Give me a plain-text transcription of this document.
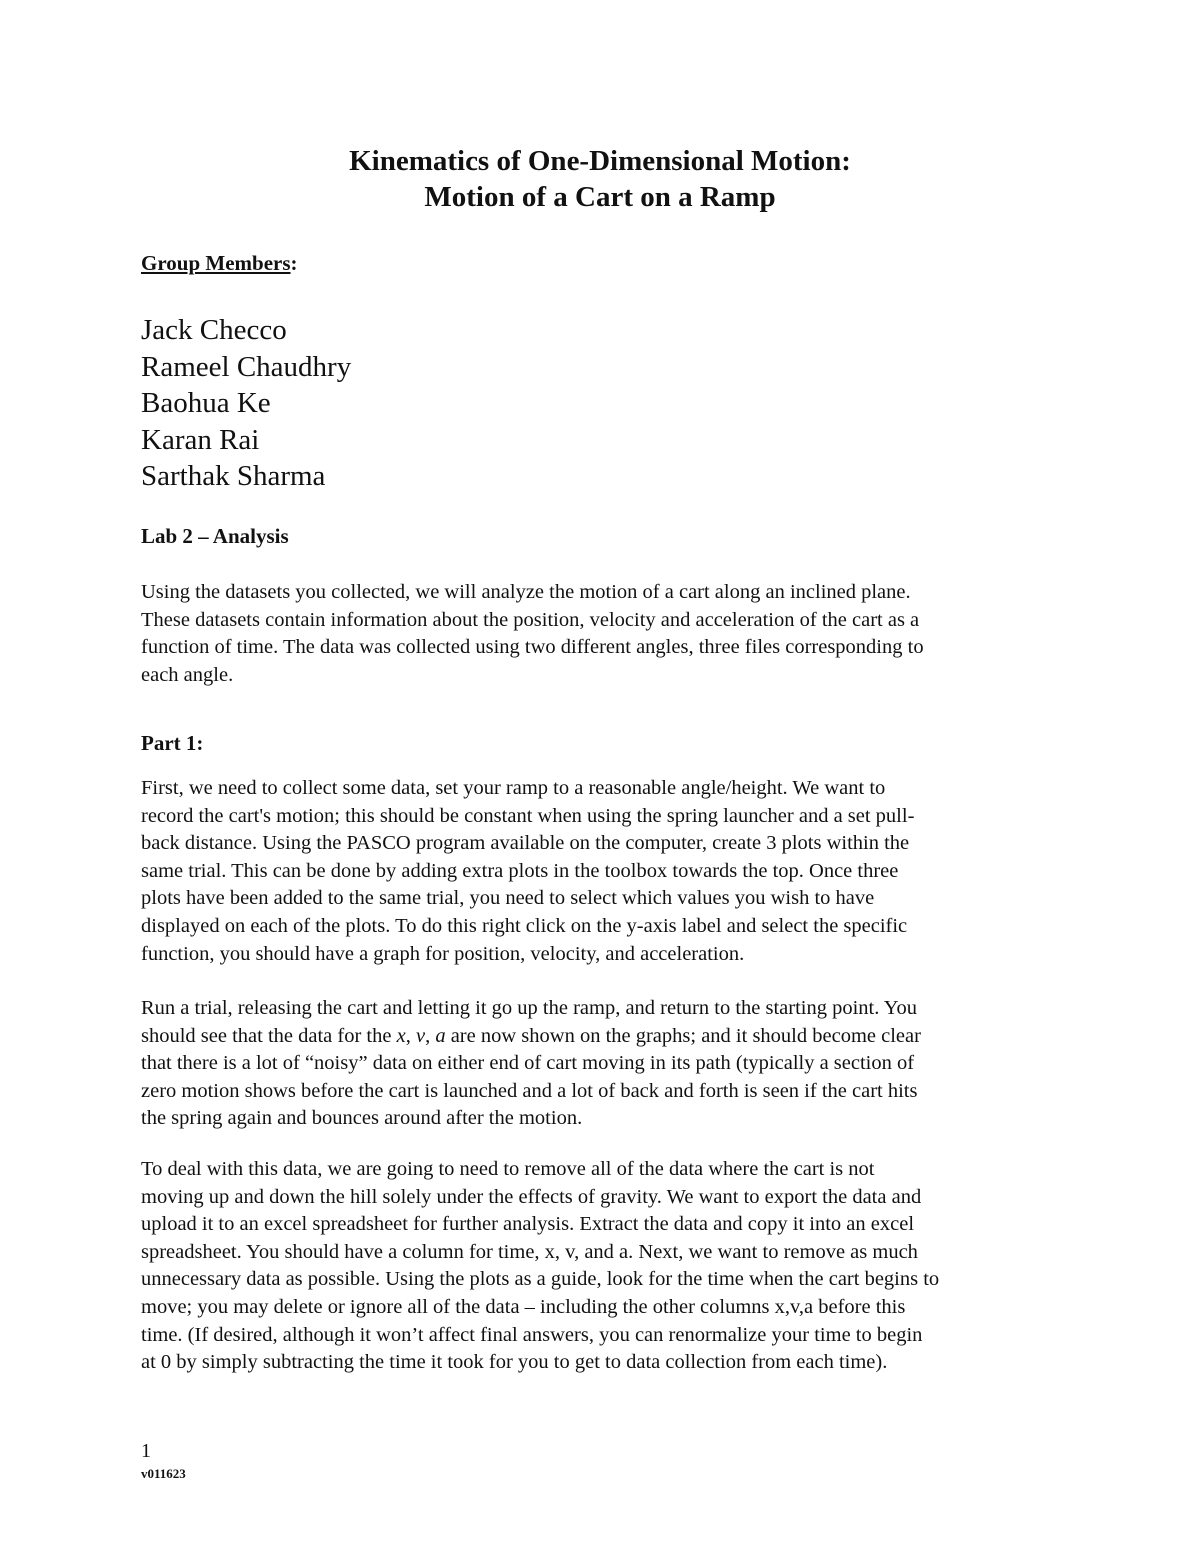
Kinematics of One-Dimensional Motion:
Motion of a Cart on a Ramp
Group Members:
Jack Checco
Rameel Chaudhry
Baohua Ke
Karan Rai
Sarthak Sharma
Lab 2 – Analysis

Using the datasets you collected, we will analyze the motion of a cart along an inclined plane.
These datasets contain information about the position, velocity and acceleration of the cart as a
function of time. The data was collected using two different angles, three files corresponding to
each angle.

Part 1:

First, we need to collect some data, set your ramp to a reasonable angle/height. We want to
record the cart's motion; this should be constant when using the spring launcher and a set pull-
back distance. Using the PASCO program available on the computer, create 3 plots within the
same trial. This can be done by adding extra plots in the toolbox towards the top. Once three
plots have been added to the same trial, you need to select which values you wish to have
displayed on each of the plots. To do this right click on the y-axis label and select the specific
function, you should have a graph for position, velocity, and acceleration.

Run a trial, releasing the cart and letting it go up the ramp, and return to the starting point. You
should see that the data for the x, v, a are now shown on the graphs; and it should become clear
that there is a lot of “noisy” data on either end of cart moving in its path (typically a section of
zero motion shows before the cart is launched and a lot of back and forth is seen if the cart hits
the spring again and bounces around after the motion.

To deal with this data, we are going to need to remove all of the data where the cart is not
moving up and down the hill solely under the effects of gravity. We want to export the data and
upload it to an excel spreadsheet for further analysis. Extract the data and copy it into an excel
spreadsheet. You should have a column for time, x, v, and a. Next, we want to remove as much
unnecessary data as possible. Using the plots as a guide, look for the time when the cart begins to
move; you may delete or ignore all of the data – including the other columns x,v,a before this
time. (If desired, although it won’t affect final answers, you can renormalize your time to begin
at 0 by simply subtracting the time it took for you to get to data collection from each time).

1
v011623
